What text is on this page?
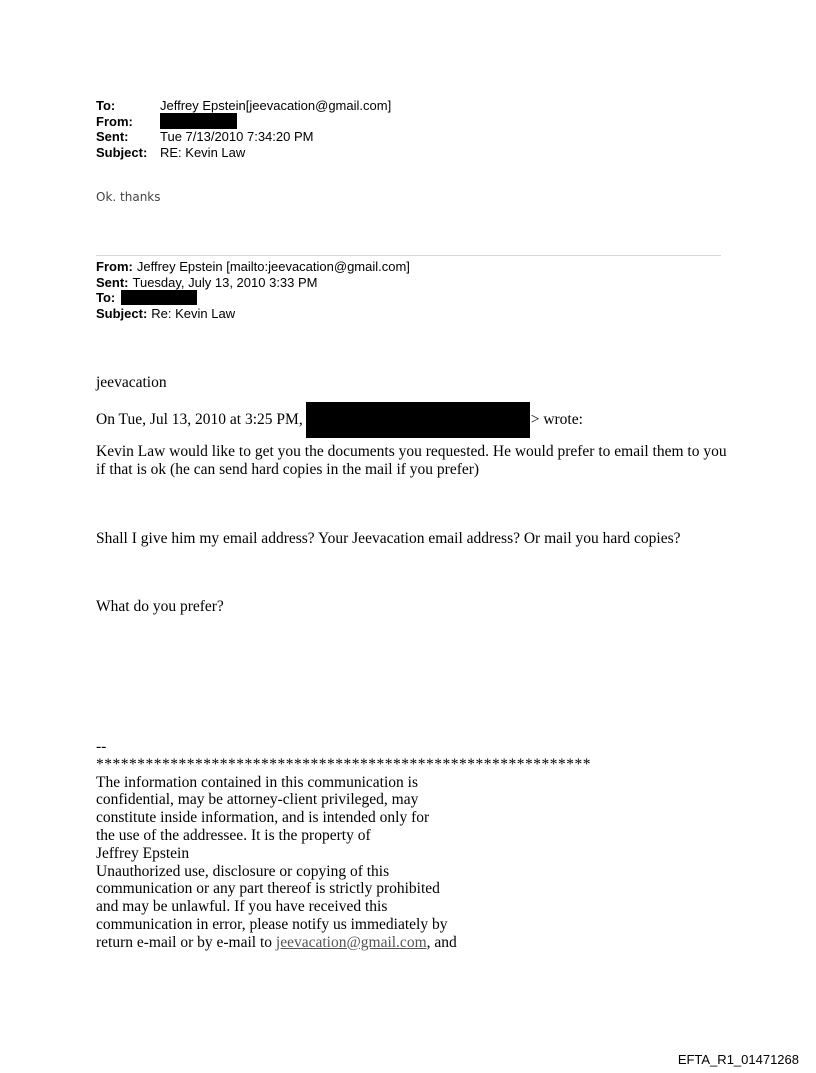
To:	Jeffrey Epstein[jeevacation@gmail.com]
From:
Sent:	Tue 7/13/2010 7:34:20 PM
Subject: RE: Kevin Law
Ok. thanks
From: Jeffrey Epstein [mailto:jeevacation@gmail.com]
Sent: Tuesday, July 13, 2010 3:33 PM
To:
Subject: Re: Kevin Law
jeevacation
On Tue, Jul 13, 2010 at 3:25 PM,	> wrote:
Kevin Law would like to get you the documents you requested. He would prefer to email them to you if that is ok (he can send hard copies in the mail if you prefer)
Shall I give him my email address? Your Jeevacation email address? Or mail you hard copies?
What do you prefer?
--
************************************************************
The information contained in this communication is
confidential, may be attorney-client privileged, may
constitute inside information, and is intended only for
the use of the addressee. It is the property of
Jeffrey Epstein
Unauthorized use, disclosure or copying of this
communication or any part thereof is strictly prohibited
and may be unlawful. If you have received this
communication in error, please notify us immediately by
return e-mail or by e-mail to jeevacation@gmail.com, and
EFTA_R1_01471268
